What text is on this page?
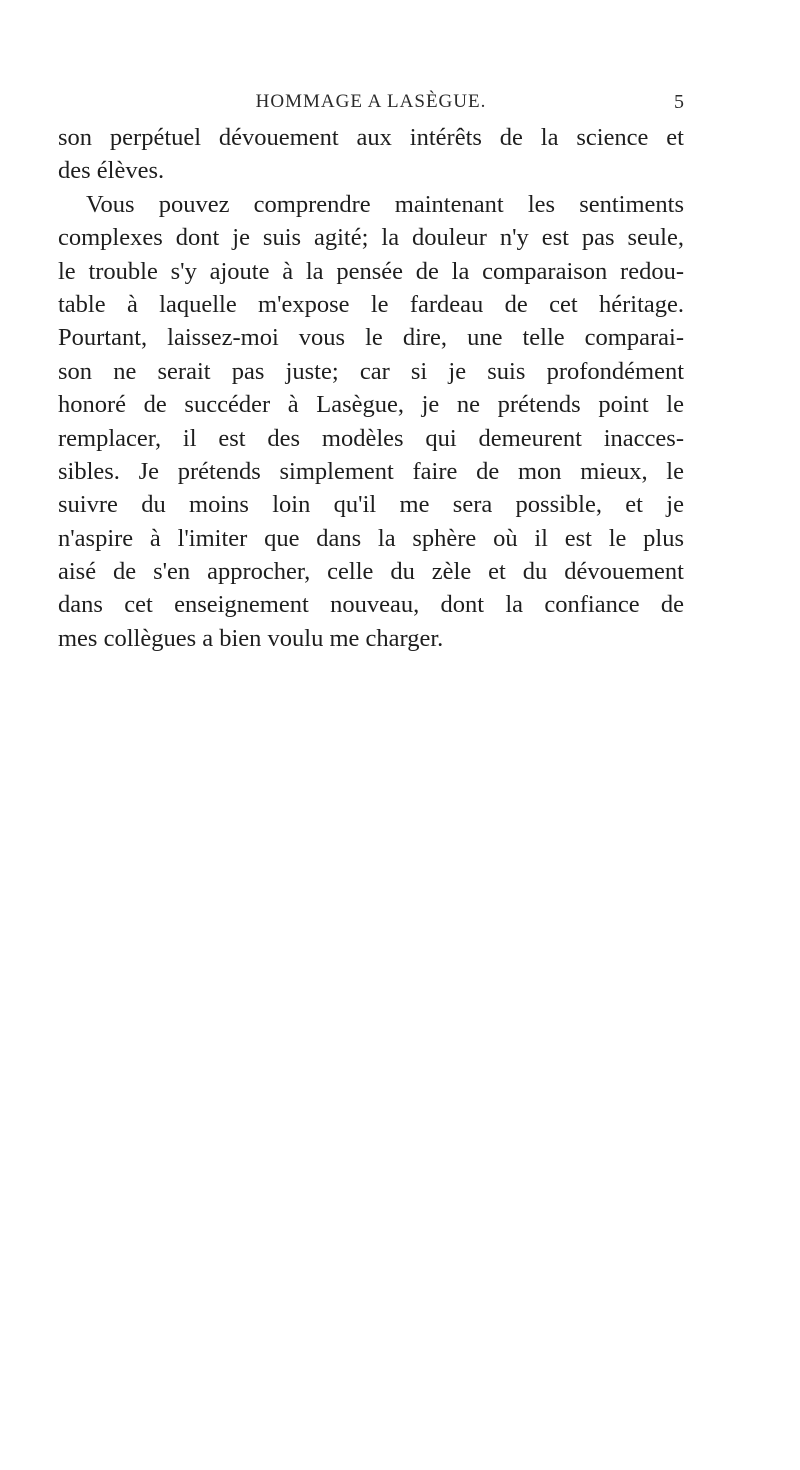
HOMMAGE A LASÈGUE.	5
son perpétuel dévouement aux intérêts de la science et
des élèves.
Vous pouvez comprendre maintenant les sentiments
complexes dont je suis agité; la douleur n'y est pas seule,
le trouble s'y ajoute à la pensée de la comparaison redou-
table à laquelle m'expose le fardeau de cet héritage.
Pourtant, laissez-moi vous le dire, une telle comparai-
son ne serait pas juste; car si je suis profondément
honoré de succéder à Lasègue, je ne prétends point le
remplacer, il est des modèles qui demeurent inacces-
sibles. Je prétends simplement faire de mon mieux, le
suivre du moins loin qu'il me sera possible, et je
n'aspire à l'imiter que dans la sphère où il est le plus
aisé de s'en approcher, celle du zèle et du dévouement
dans cet enseignement nouveau, dont la confiance de
mes collègues a bien voulu me charger.
